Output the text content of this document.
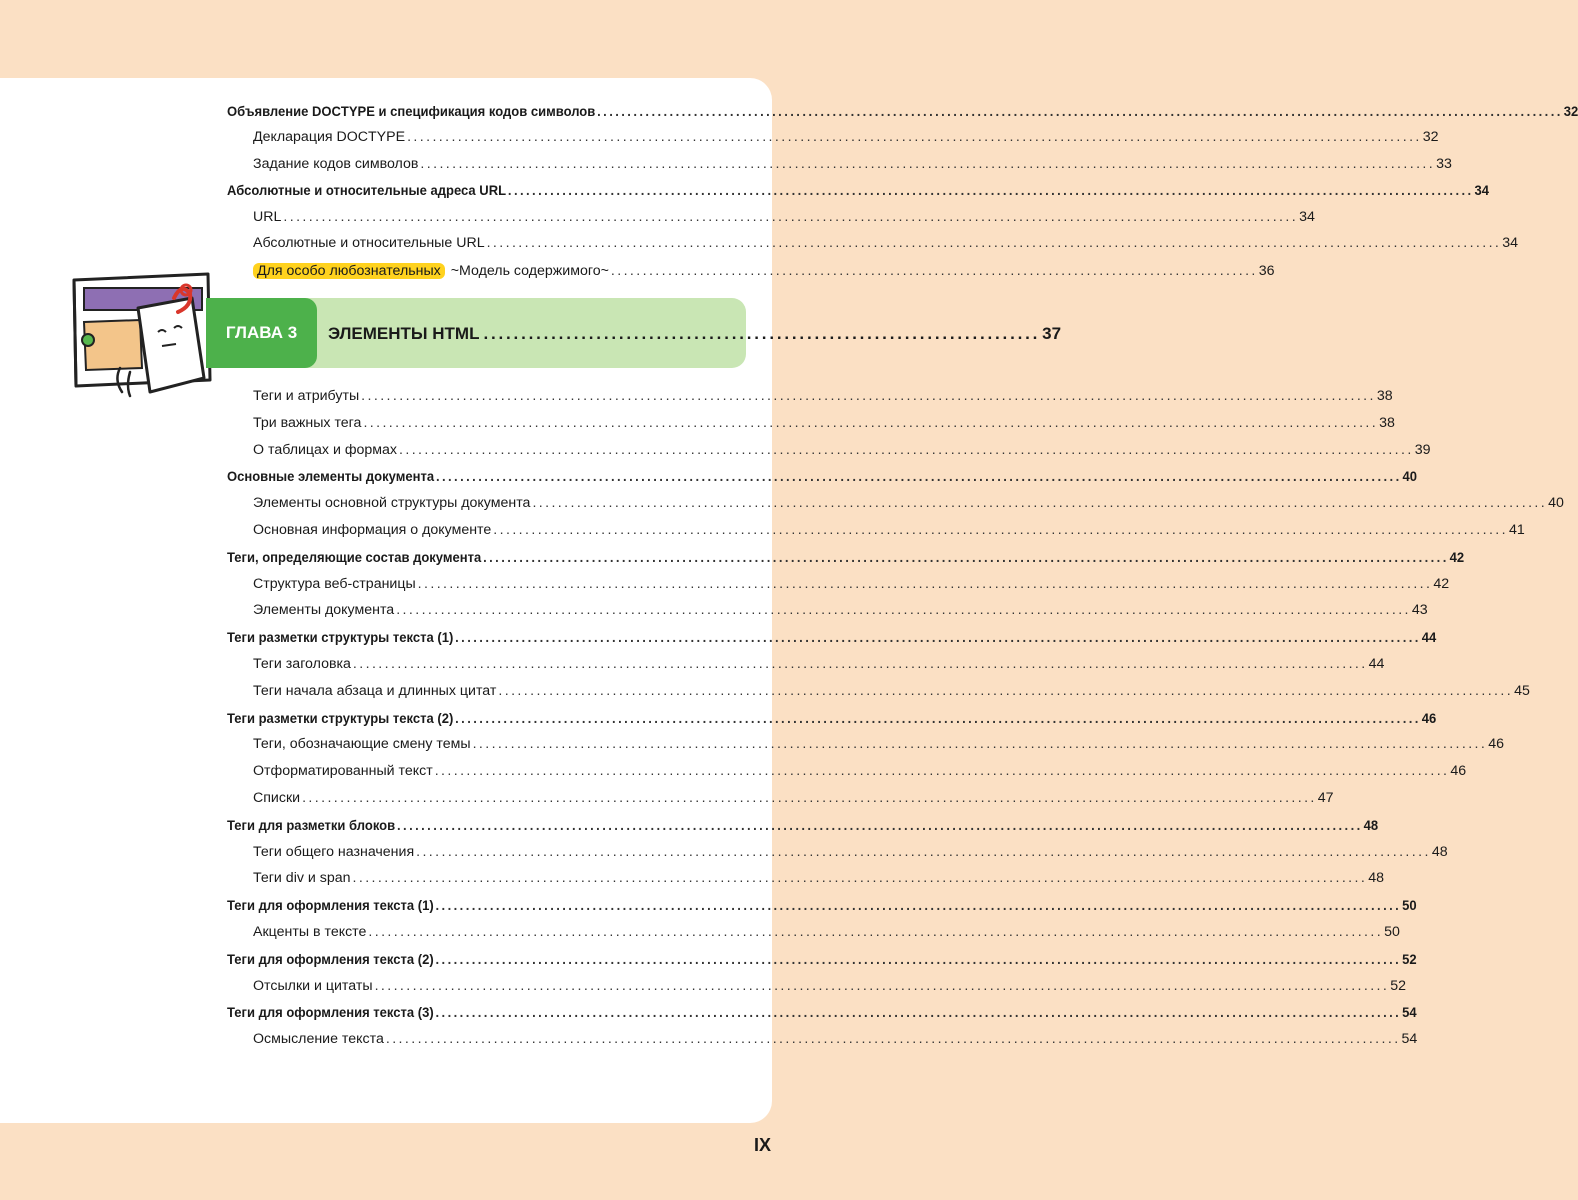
Объявление DOCTYPE и спецификация кодов символов ................................................................................................................................................................ 32
Декларация DOCTYPE ................................................................................................................................................................ 32
Задание кодов символов ................................................................................................................................................................ 33
Абсолютные и относительные адреса URL ................................................................................................................................................................ 34
URL ................................................................................................................................................................ 34
Абсолютные и относительные URL ................................................................................................................................................................ 34
Для особо любознательных ~Модель содержимого~ ...................................................................................................... 36
ГЛАВА 3	ЭЛЕМЕНТЫ HTML .......................................................................... 37
Теги и атрибуты ................................................................................................................................................................ 38
Три важных тега ................................................................................................................................................................ 38
О таблицах и формах ................................................................................................................................................................ 39
Основные элементы документа ................................................................................................................................................................ 40
Элементы основной структуры документа ................................................................................................................................................................ 40
Основная информация о документе ................................................................................................................................................................ 41
Теги, определяющие состав документа ................................................................................................................................................................ 42
Структура веб-страницы ................................................................................................................................................................ 42
Элементы документа ................................................................................................................................................................ 43
Теги разметки структуры текста (1) ................................................................................................................................................................ 44
Теги заголовка ................................................................................................................................................................ 44
Теги начала абзаца и длинных цитат ................................................................................................................................................................ 45
Теги разметки структуры текста (2) ................................................................................................................................................................ 46
Теги, обозначающие смену темы ................................................................................................................................................................ 46
Отформатированный текст ................................................................................................................................................................ 46
Списки ................................................................................................................................................................ 47
Теги для разметки блоков ................................................................................................................................................................ 48
Теги общего назначения ................................................................................................................................................................ 48
Теги div и span ................................................................................................................................................................ 48
Теги для оформления текста (1) ................................................................................................................................................................ 50
Акценты в тексте ................................................................................................................................................................ 50
Теги для оформления текста (2) ................................................................................................................................................................ 52
Отсылки и цитаты ................................................................................................................................................................ 52
Теги для оформления текста (3) ................................................................................................................................................................ 54
Осмысление текста ................................................................................................................................................................ 54
IX
